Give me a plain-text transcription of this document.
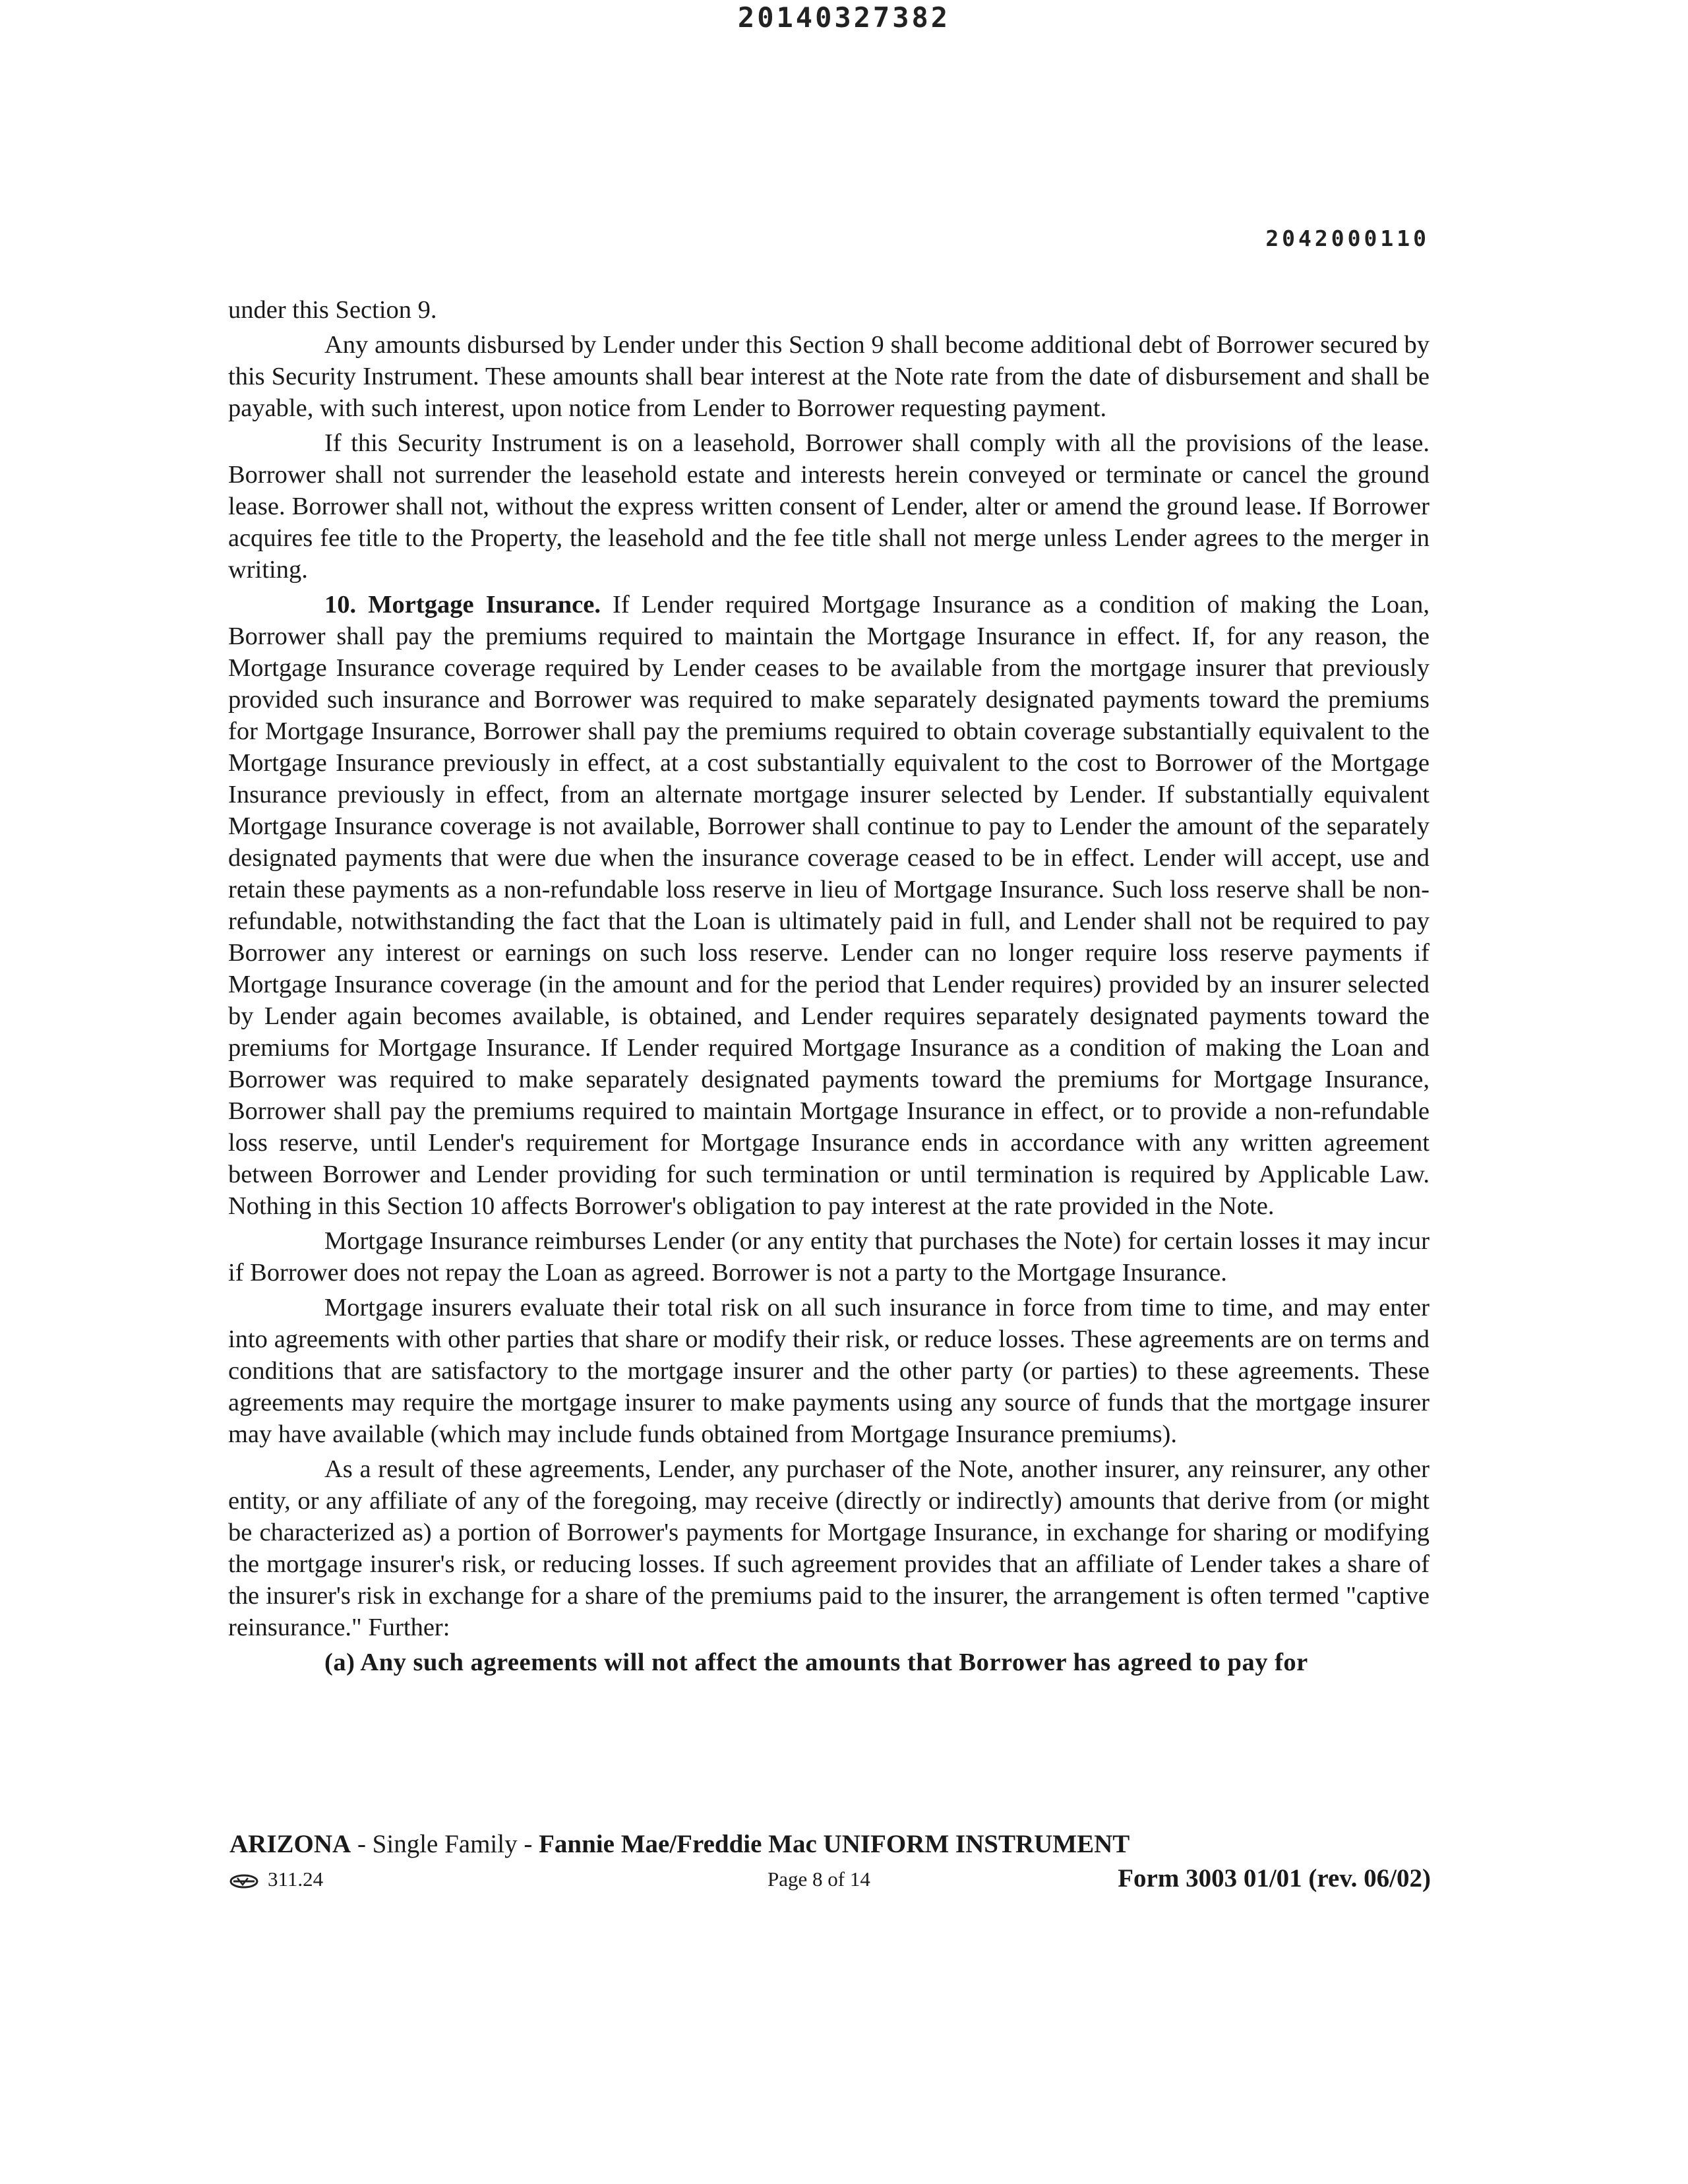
20140327382
2042000110

under this Section 9.

Any amounts disbursed by Lender under this Section 9 shall become additional debt of Borrower secured by this Security Instrument. These amounts shall bear interest at the Note rate from the date of disbursement and shall be payable, with such interest, upon notice from Lender to Borrower requesting payment.

If this Security Instrument is on a leasehold, Borrower shall comply with all the provisions of the lease. Borrower shall not surrender the leasehold estate and interests herein conveyed or terminate or cancel the ground lease. Borrower shall not, without the express written consent of Lender, alter or amend the ground lease. If Borrower acquires fee title to the Property, the leasehold and the fee title shall not merge unless Lender agrees to the merger in writing.

10. Mortgage Insurance. If Lender required Mortgage Insurance as a condition of making the Loan, Borrower shall pay the premiums required to maintain the Mortgage Insurance in effect. If, for any reason, the Mortgage Insurance coverage required by Lender ceases to be available from the mortgage insurer that previously provided such insurance and Borrower was required to make separately designated payments toward the premiums for Mortgage Insurance, Borrower shall pay the premiums required to obtain coverage substantially equivalent to the Mortgage Insurance previously in effect, at a cost substantially equivalent to the cost to Borrower of the Mortgage Insurance previously in effect, from an alternate mortgage insurer selected by Lender. If substantially equivalent Mortgage Insurance coverage is not available, Borrower shall continue to pay to Lender the amount of the separately designated payments that were due when the insurance coverage ceased to be in effect. Lender will accept, use and retain these payments as a non-refundable loss reserve in lieu of Mortgage Insurance. Such loss reserve shall be non-refundable, notwithstanding the fact that the Loan is ultimately paid in full, and Lender shall not be required to pay Borrower any interest or earnings on such loss reserve. Lender can no longer require loss reserve payments if Mortgage Insurance coverage (in the amount and for the period that Lender requires) provided by an insurer selected by Lender again becomes available, is obtained, and Lender requires separately designated payments toward the premiums for Mortgage Insurance. If Lender required Mortgage Insurance as a condition of making the Loan and Borrower was required to make separately designated payments toward the premiums for Mortgage Insurance, Borrower shall pay the premiums required to maintain Mortgage Insurance in effect, or to provide a non-refundable loss reserve, until Lender's requirement for Mortgage Insurance ends in accordance with any written agreement between Borrower and Lender providing for such termination or until termination is required by Applicable Law. Nothing in this Section 10 affects Borrower's obligation to pay interest at the rate provided in the Note.

Mortgage Insurance reimburses Lender (or any entity that purchases the Note) for certain losses it may incur if Borrower does not repay the Loan as agreed. Borrower is not a party to the Mortgage Insurance.

Mortgage insurers evaluate their total risk on all such insurance in force from time to time, and may enter into agreements with other parties that share or modify their risk, or reduce losses. These agreements are on terms and conditions that are satisfactory to the mortgage insurer and the other party (or parties) to these agreements. These agreements may require the mortgage insurer to make payments using any source of funds that the mortgage insurer may have available (which may include funds obtained from Mortgage Insurance premiums).

As a result of these agreements, Lender, any purchaser of the Note, another insurer, any reinsurer, any other entity, or any affiliate of any of the foregoing, may receive (directly or indirectly) amounts that derive from (or might be characterized as) a portion of Borrower's payments for Mortgage Insurance, in exchange for sharing or modifying the mortgage insurer's risk, or reducing losses. If such agreement provides that an affiliate of Lender takes a share of the insurer's risk in exchange for a share of the premiums paid to the insurer, the arrangement is often termed "captive reinsurance." Further:

(a) Any such agreements will not affect the amounts that Borrower has agreed to pay for

ARIZONA - Single Family - Fannie Mae/Freddie Mac UNIFORM INSTRUMENT
311.24	Page 8 of 14	Form 3003 01/01 (rev. 06/02)
